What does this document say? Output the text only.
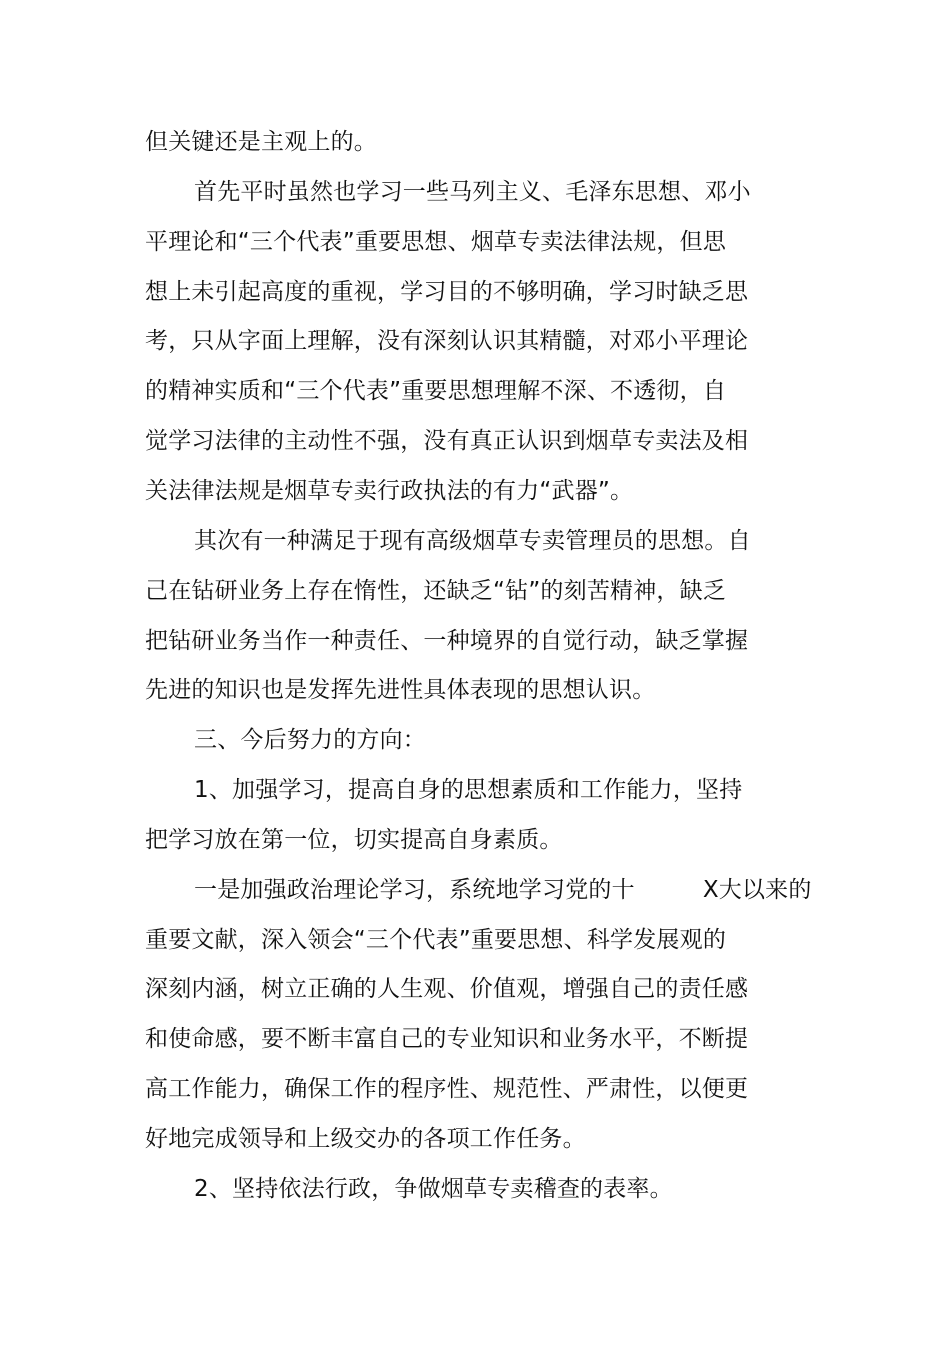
但关键还是主观上的。
首先平时虽然也学习一些马列主义、毛泽东思想、邓小
平理论和“三个代表”重要思想、烟草专卖法律法规，但思
想上未引起高度的重视，学习目的不够明确，学习时缺乏思
考，只从字面上理解，没有深刻认识其精髓，对邓小平理论
的精神实质和“三个代表”重要思想理解不深、不透彻，自
觉学习法律的主动性不强，没有真正认识到烟草专卖法及相
关法律法规是烟草专卖行政执法的有力“武器”。
其次有一种满足于现有高级烟草专卖管理员的思想。自
己在钻研业务上存在惰性，还缺乏“钻”的刻苦精神，缺乏
把钻研业务当作一种责任、一种境界的自觉行动，缺乏掌握
先进的知识也是发挥先进性具体表现的思想认识。
三、今后努力的方向：
1、加强学习，提高自身的思想素质和工作能力，坚持
把学习放在第一位，切实提高自身素质。
一是加强政治理论学习，系统地学习党的十	X大以来的
重要文献，深入领会“三个代表”重要思想、科学发展观的
深刻内涵，树立正确的人生观、价值观，增强自己的责任感
和使命感，要不断丰富自己的专业知识和业务水平，不断提
高工作能力，确保工作的程序性、规范性、严肃性，以便更
好地完成领导和上级交办的各项工作任务。
2、坚持依法行政，争做烟草专卖稽查的表率。
